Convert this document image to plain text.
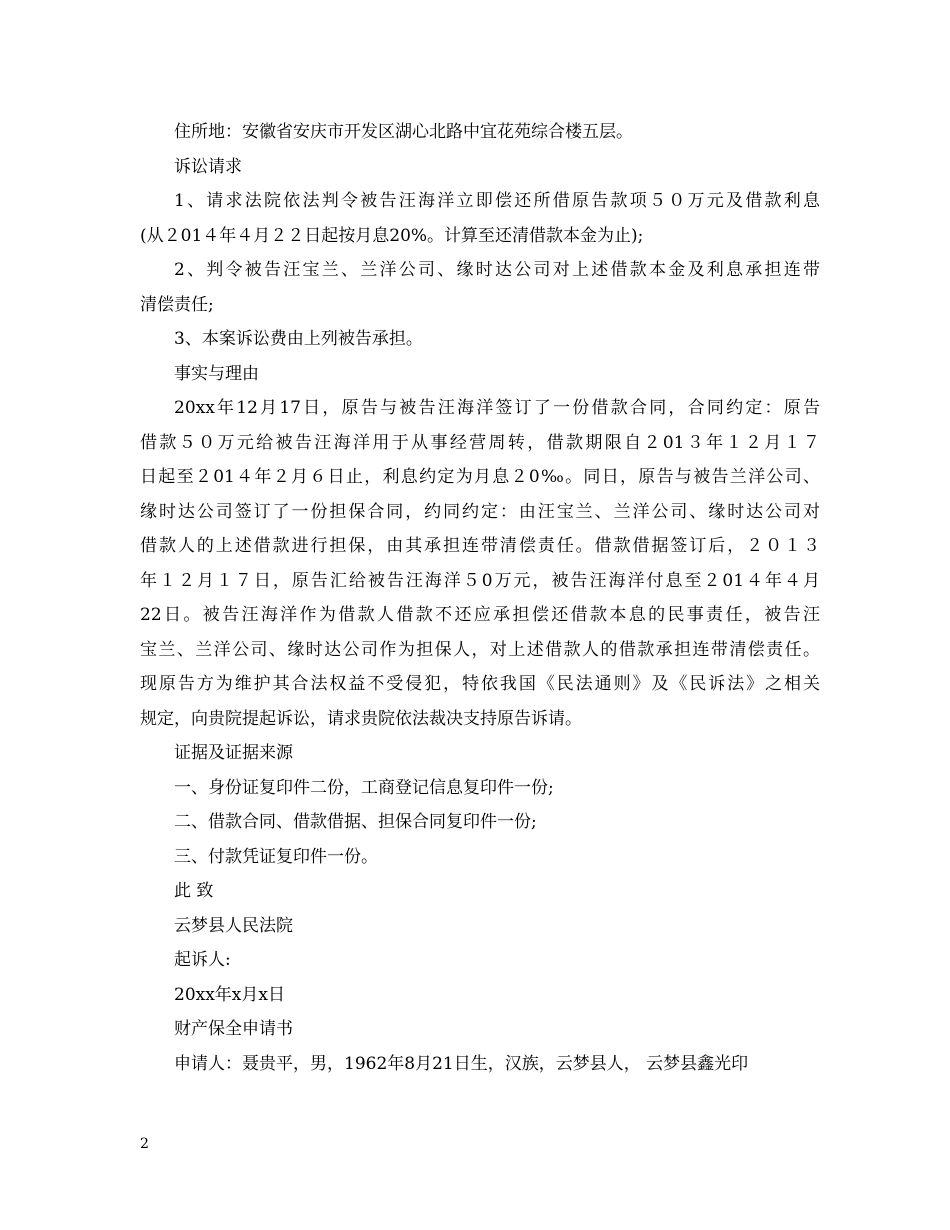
住所地：安徽省安庆市开发区湖心北路中宜花苑综合楼五层。
诉讼请求
1、请求法院依法判令被告汪海洋立即偿还所借原告款项５０万元及借款利息
(从２01４年４月２２日起按月息20%。计算至还清借款本金为止);
2、判令被告汪宝兰、兰洋公司、缘时达公司对上述借款本金及利息承担连带
清偿责任;
3、本案诉讼费由上列被告承担。
事实与理由
20xx年12月17日，原告与被告汪海洋签订了一份借款合同，合同约定：原告
借款５０万元给被告汪海洋用于从事经营周转，借款期限自２01３年１２月１７
日起至２01４年２月６日止，利息约定为月息２0‰。同日，原告与被告兰洋公司、
缘时达公司签订了一份担保合同，约同约定：由汪宝兰、兰洋公司、缘时达公司对
借款人的上述借款进行担保，由其承担连带清偿责任。借款借据签订后，２０１３
年１２月１７日，原告汇给被告汪海洋５0万元，被告汪海洋付息至２01４年４月
22日。被告汪海洋作为借款人借款不还应承担偿还借款本息的民事责任，被告汪
宝兰、兰洋公司、缘时达公司作为担保人，对上述借款人的借款承担连带清偿责任。
现原告方为维护其合法权益不受侵犯，特依我国《民法通则》及《民诉法》之相关
规定，向贵院提起诉讼，请求贵院依法裁决支持原告诉请。
证据及证据来源
一、身份证复印件二份，工商登记信息复印件一份;
二、借款合同、借款借据、担保合同复印件一份;
三、付款凭证复印件一份。
此 致
云梦县人民法院
起诉人:
20xx年x月x日
财产保全申请书
申请人：聂贵平，男，1962年8月21日生，汉族，云梦县人， 云梦县鑫光印
2
